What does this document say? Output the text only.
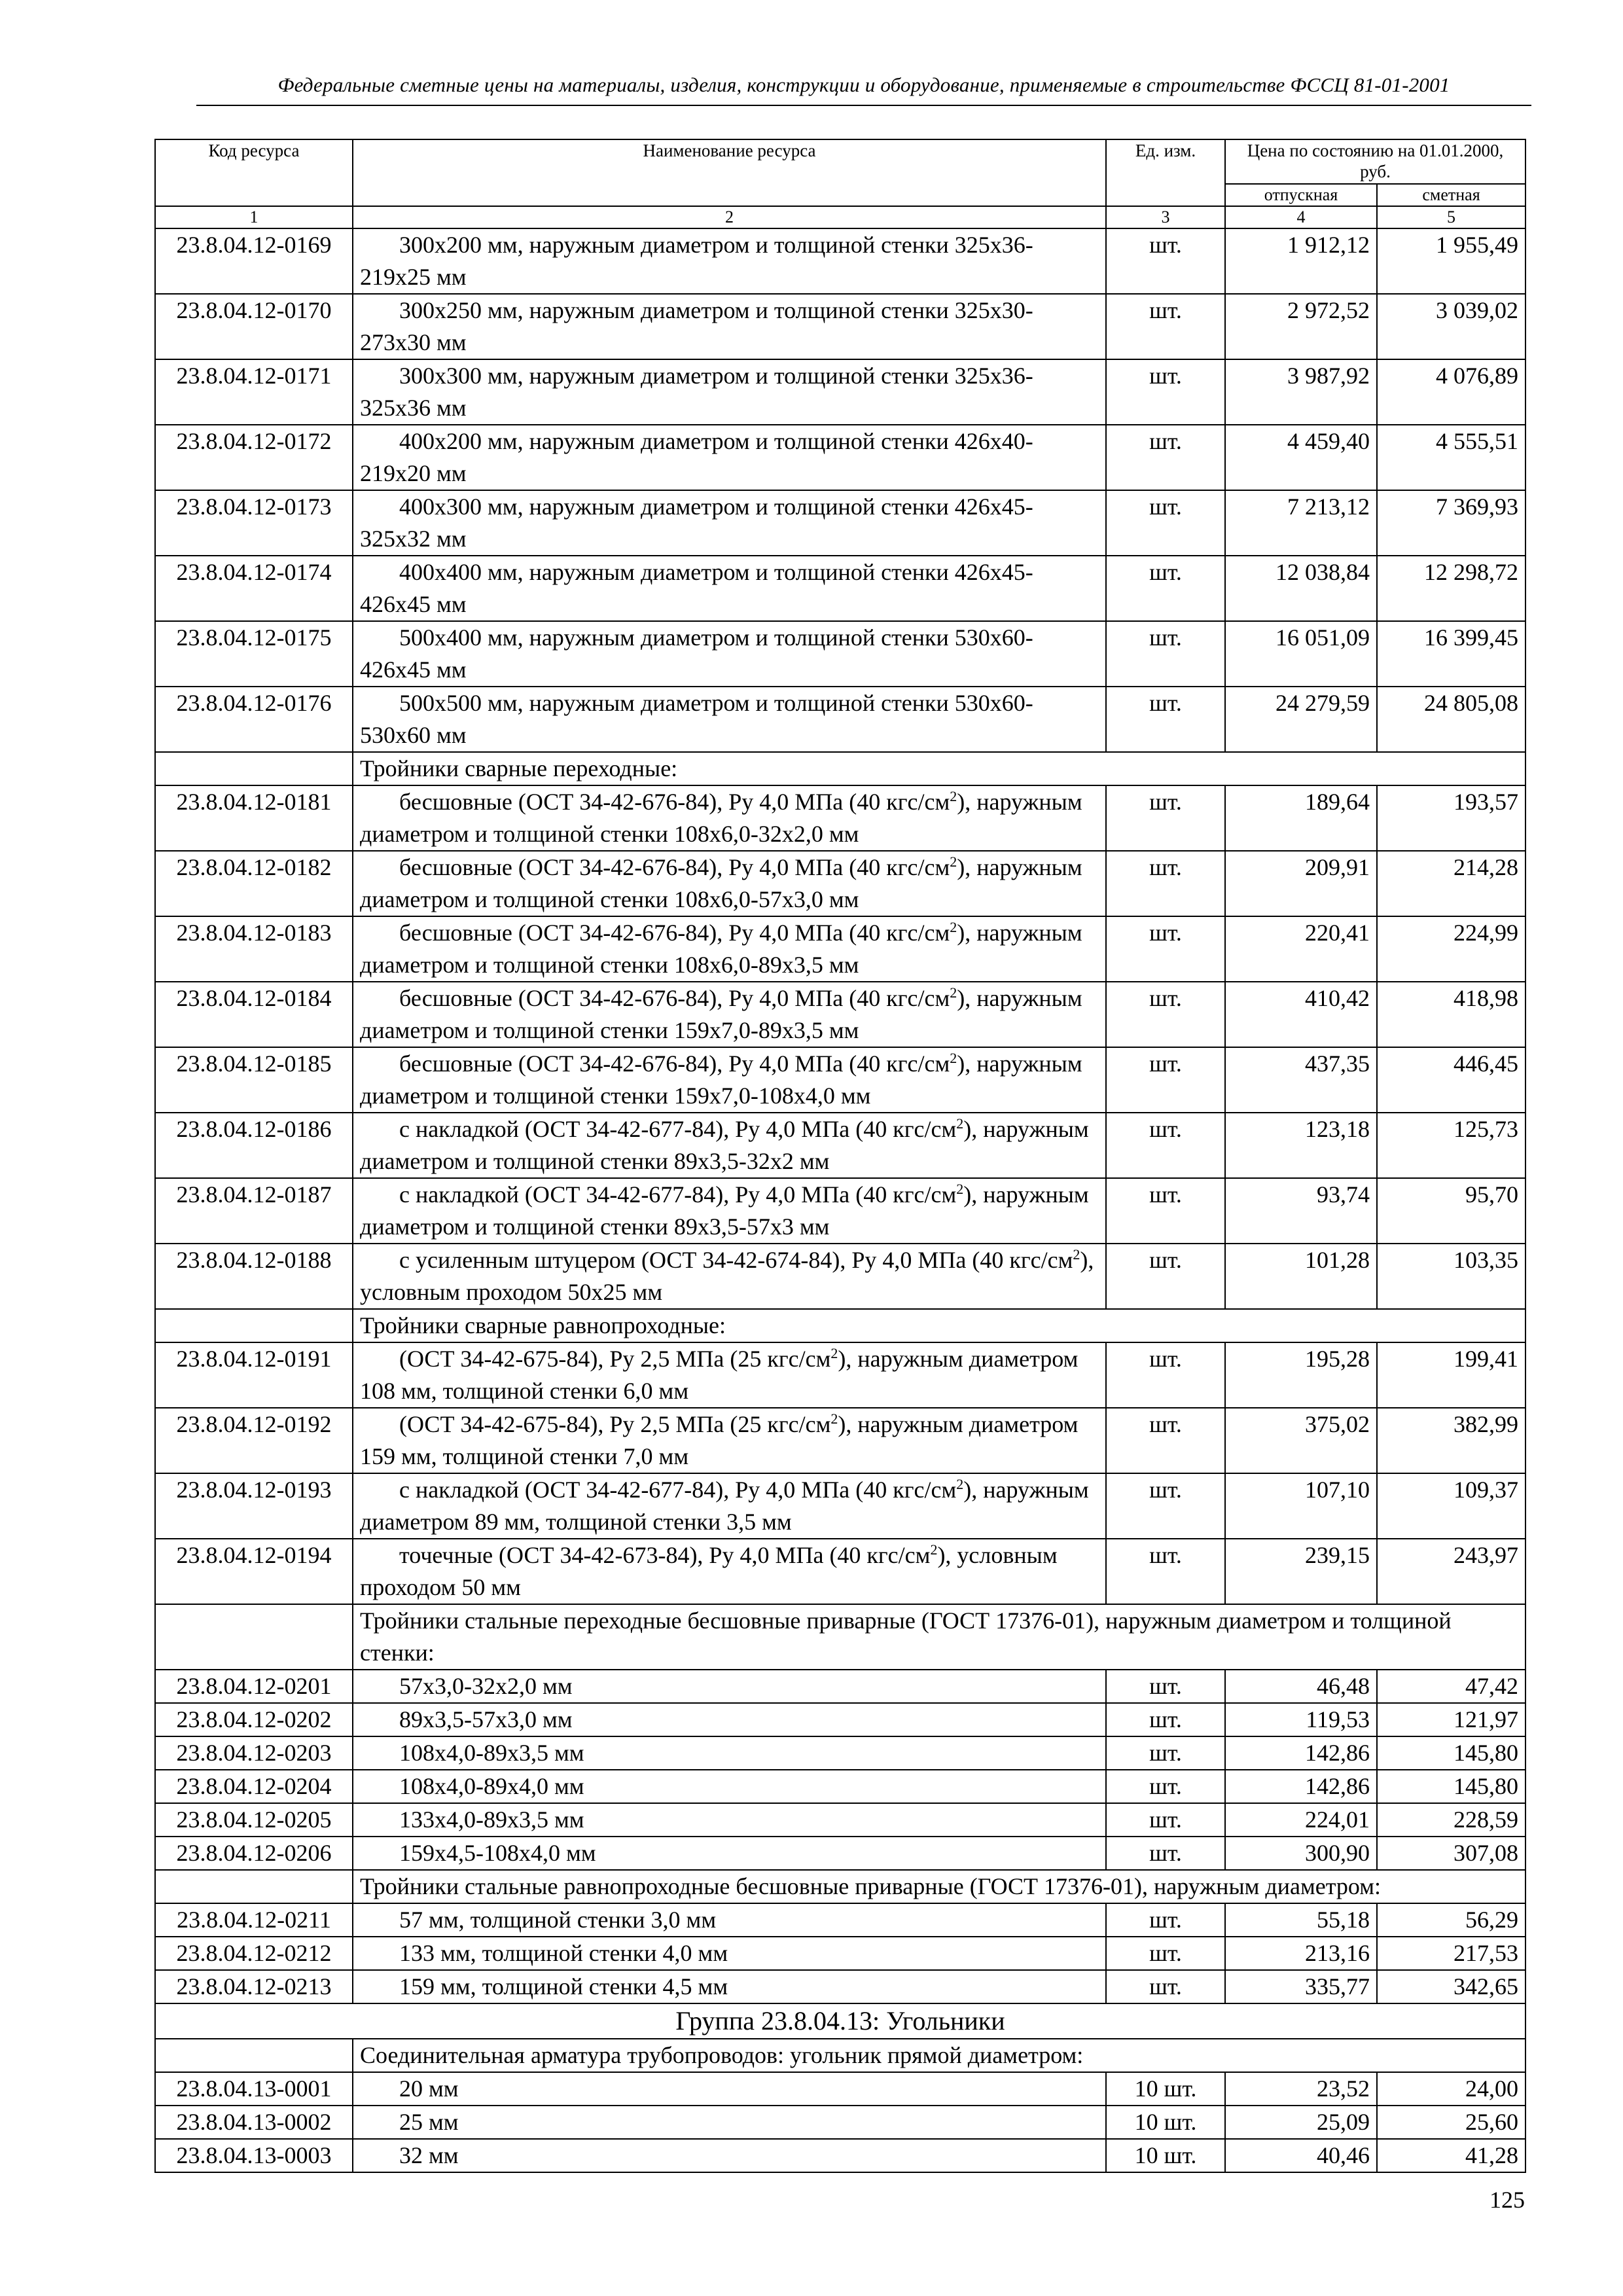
Федеральные сметные цены на материалы, изделия, конструкции и оборудование, применяемые в строительстве ФССЦ 81-01-2001
Код ресурса	Наименование ресурса	Ед. изм.	Цена по состоянию на 01.01.2000, руб.	
			отпускная	сметная
1	2	3	4	5
23.8.04.12-0169	300х200 мм, наружным диаметром и толщиной стенки 325х36- 219х25 мм	шт.	1 912,12	1 955,49
23.8.04.12-0170	300х250 мм, наружным диаметром и толщиной стенки 325х30- 273х30 мм	шт.	2 972,52	3 039,02
23.8.04.12-0171	300х300 мм, наружным диаметром и толщиной стенки 325х36- 325х36 мм	шт.	3 987,92	4 076,89
23.8.04.12-0172	400х200 мм, наружным диаметром и толщиной стенки 426х40- 219х20 мм	шт.	4 459,40	4 555,51
23.8.04.12-0173	400х300 мм, наружным диаметром и толщиной стенки 426х45- 325х32 мм	шт.	7 213,12	7 369,93
23.8.04.12-0174	400х400 мм, наружным диаметром и толщиной стенки 426х45- 426х45 мм	шт.	12 038,84	12 298,72
23.8.04.12-0175	500х400 мм, наружным диаметром и толщиной стенки 530х60- 426х45 мм	шт.	16 051,09	16 399,45
23.8.04.12-0176	500х500 мм, наружным диаметром и толщиной стенки 530х60- 530х60 мм	шт.	24 279,59	24 805,08
	Тройники сварные переходные:			
23.8.04.12-0181	бесшовные (ОСТ 34-42-676-84), Ру 4,0 МПа (40 кгс/$см^2$), наружным диаметром и толщиной стенки 108х6,0-32х2,0 мм	шт.	189,64	193,57
23.8.04.12-0182	бесшовные (ОСТ 34-42-676-84), Ру 4,0 МПа (40 кгс/$см^2$), наружным диаметром и толщиной стенки 108х6,0-57х3,0 мм	шт.	209,91	214,28
23.8.04.12-0183	бесшовные (ОСТ 34-42-676-84), Ру 4,0 МПа (40 кгс/$см^2$), наружным диаметром и толщиной стенки 108х6,0-89х3,5 мм	шт.	220,41	224,99
23.8.04.12-0184	бесшовные (ОСТ 34-42-676-84), Ру 4,0 МПа (40 кгс/$см^2$), наружным диаметром и толщиной стенки 159х7,0-89х3,5 мм	шт.	410,42	418,98
23.8.04.12-0185	бесшовные (ОСТ 34-42-676-84), Ру 4,0 МПа (40 кгс/$см^2$), наружным диаметром и толщиной стенки 159х7,0-108х4,0 мм	шт.	437,35	446,45
23.8.04.12-0186	с накладкой (ОСТ 34-42-677-84), Ру 4,0 МПа (40 кгс/$см^2$), наружным диаметром и толщиной стенки 89х3,5-32х2 мм	шт.	123,18	125,73
23.8.04.12-0187	с накладкой (ОСТ 34-42-677-84), Ру 4,0 МПа (40 кгс/$см^2$), наружным диаметром и толщиной стенки 89х3,5-57х3 мм	шт.	93,74	95,70
23.8.04.12-0188	с усиленным штуцером (ОСТ 34-42-674-84), Ру 4,0 МПа (40 кгс/$см^2$), условным проходом 50х25 мм	шт.	101,28	103,35
	Тройники сварные равнопроходные:			
23.8.04.12-0191	(ОСТ 34-42-675-84), Ру 2,5 МПа (25 кгс/$см^2$), наружным диаметром 108 мм, толщиной стенки 6,0 мм	шт.	195,28	199,41
23.8.04.12-0192	(ОСТ 34-42-675-84), Ру 2,5 МПа (25 кгс/$см^2$), наружным диаметром 159 мм, толщиной стенки 7,0 мм	шт.	375,02	382,99
23.8.04.12-0193	с накладкой (ОСТ 34-42-677-84), Ру 4,0 МПа (40 кгс/$см^2$), наружным диаметром 89 мм, толщиной стенки 3,5 мм	шт.	107,10	109,37
23.8.04.12-0194	точечные (ОСТ 34-42-673-84), Ру 4,0 МПа (40 кгс/$см^2$), условным проходом 50 мм	шт.	239,15	243,97
	Тройники стальные переходные бесшовные приварные (ГОСТ 17376-01), наружным диаметром и толщиной стенки:			
23.8.04.12-0201	57х3,0-32х2,0 мм	шт.	46,48	47,42
23.8.04.12-0202	89х3,5-57х3,0 мм	шт.	119,53	121,97
23.8.04.12-0203	108х4,0-89х3,5 мм	шт.	142,86	145,80
23.8.04.12-0204	108х4,0-89х4,0 мм	шт.	142,86	145,80
23.8.04.12-0205	133х4,0-89х3,5 мм	шт.	224,01	228,59
23.8.04.12-0206	159х4,5-108х4,0 мм	шт.	300,90	307,08
	Тройники стальные равнопроходные бесшовные приварные (ГОСТ 17376-01), наружным диаметром:			
23.8.04.12-0211	57 мм, толщиной стенки 3,0 мм	шт.	55,18	56,29
23.8.04.12-0212	133 мм, толщиной стенки 4,0 мм	шт.	213,16	217,53
23.8.04.12-0213	159 мм, толщиной стенки 4,5 мм	шт.	335,77	342,65
Группа 23.8.04.13: Угольники				
	Соединительная арматура трубопроводов: угольник прямой диаметром:			
23.8.04.13-0001	20 мм	10 шт.	23,52	24,00
23.8.04.13-0002	25 мм	10 шт.	25,09	25,60
23.8.04.13-0003	32 мм	10 шт.	40,46	41,28
125
